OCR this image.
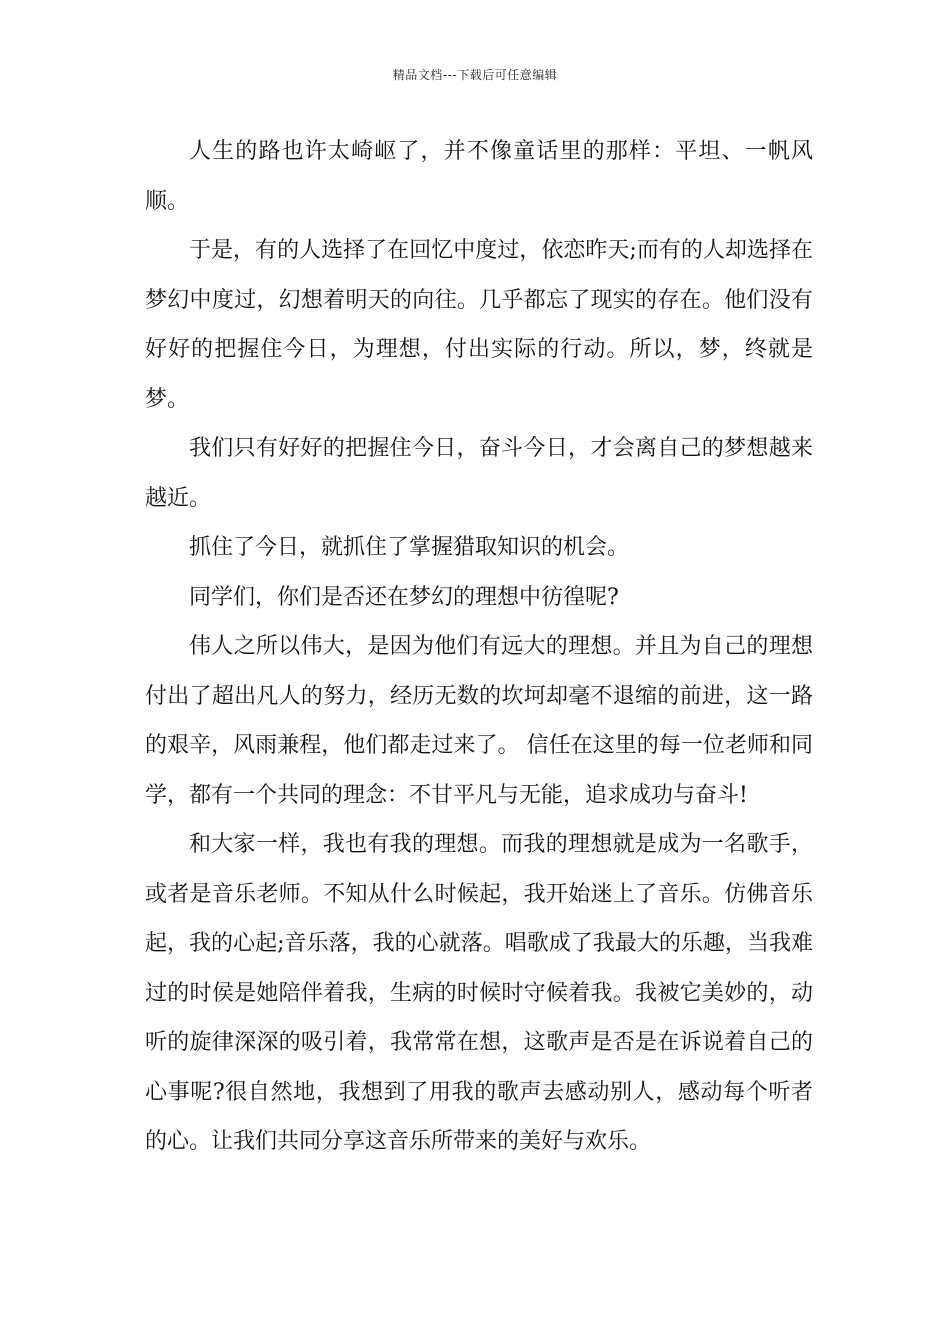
精品文档---下载后可任意编辑

人生的路也许太崎岖了，并不像童话里的那样：平坦、一帆风顺。

于是，有的人选择了在回忆中度过，依恋昨天;而有的人却选择在梦幻中度过，幻想着明天的向往。几乎都忘了现实的存在。他们没有好好的把握住今日，为理想，付出实际的行动。所以，梦，终就是梦。

我们只有好好的把握住今日，奋斗今日，才会离自己的梦想越来越近。

抓住了今日，就抓住了掌握猎取知识的机会。

同学们，你们是否还在梦幻的理想中彷徨呢?

伟人之所以伟大，是因为他们有远大的理想。并且为自己的理想付出了超出凡人的努力，经历无数的坎坷却毫不退缩的前进，这一路的艰辛，风雨兼程，他们都走过来了。 信任在这里的每一位老师和同学，都有一个共同的理念：不甘平凡与无能，追求成功与奋斗!

和大家一样，我也有我的理想。而我的理想就是成为一名歌手，或者是音乐老师。不知从什么时候起，我开始迷上了音乐。仿佛音乐起，我的心起;音乐落，我的心就落。唱歌成了我最大的乐趣，当我难过的时侯是她陪伴着我，生病的时候时守候着我。我被它美妙的，动听的旋律深深的吸引着，我常常在想，这歌声是否是在诉说着自己的心事呢?很自然地，我想到了用我的歌声去感动别人，感动每个听者的心。让我们共同分享这音乐所带来的美好与欢乐。
